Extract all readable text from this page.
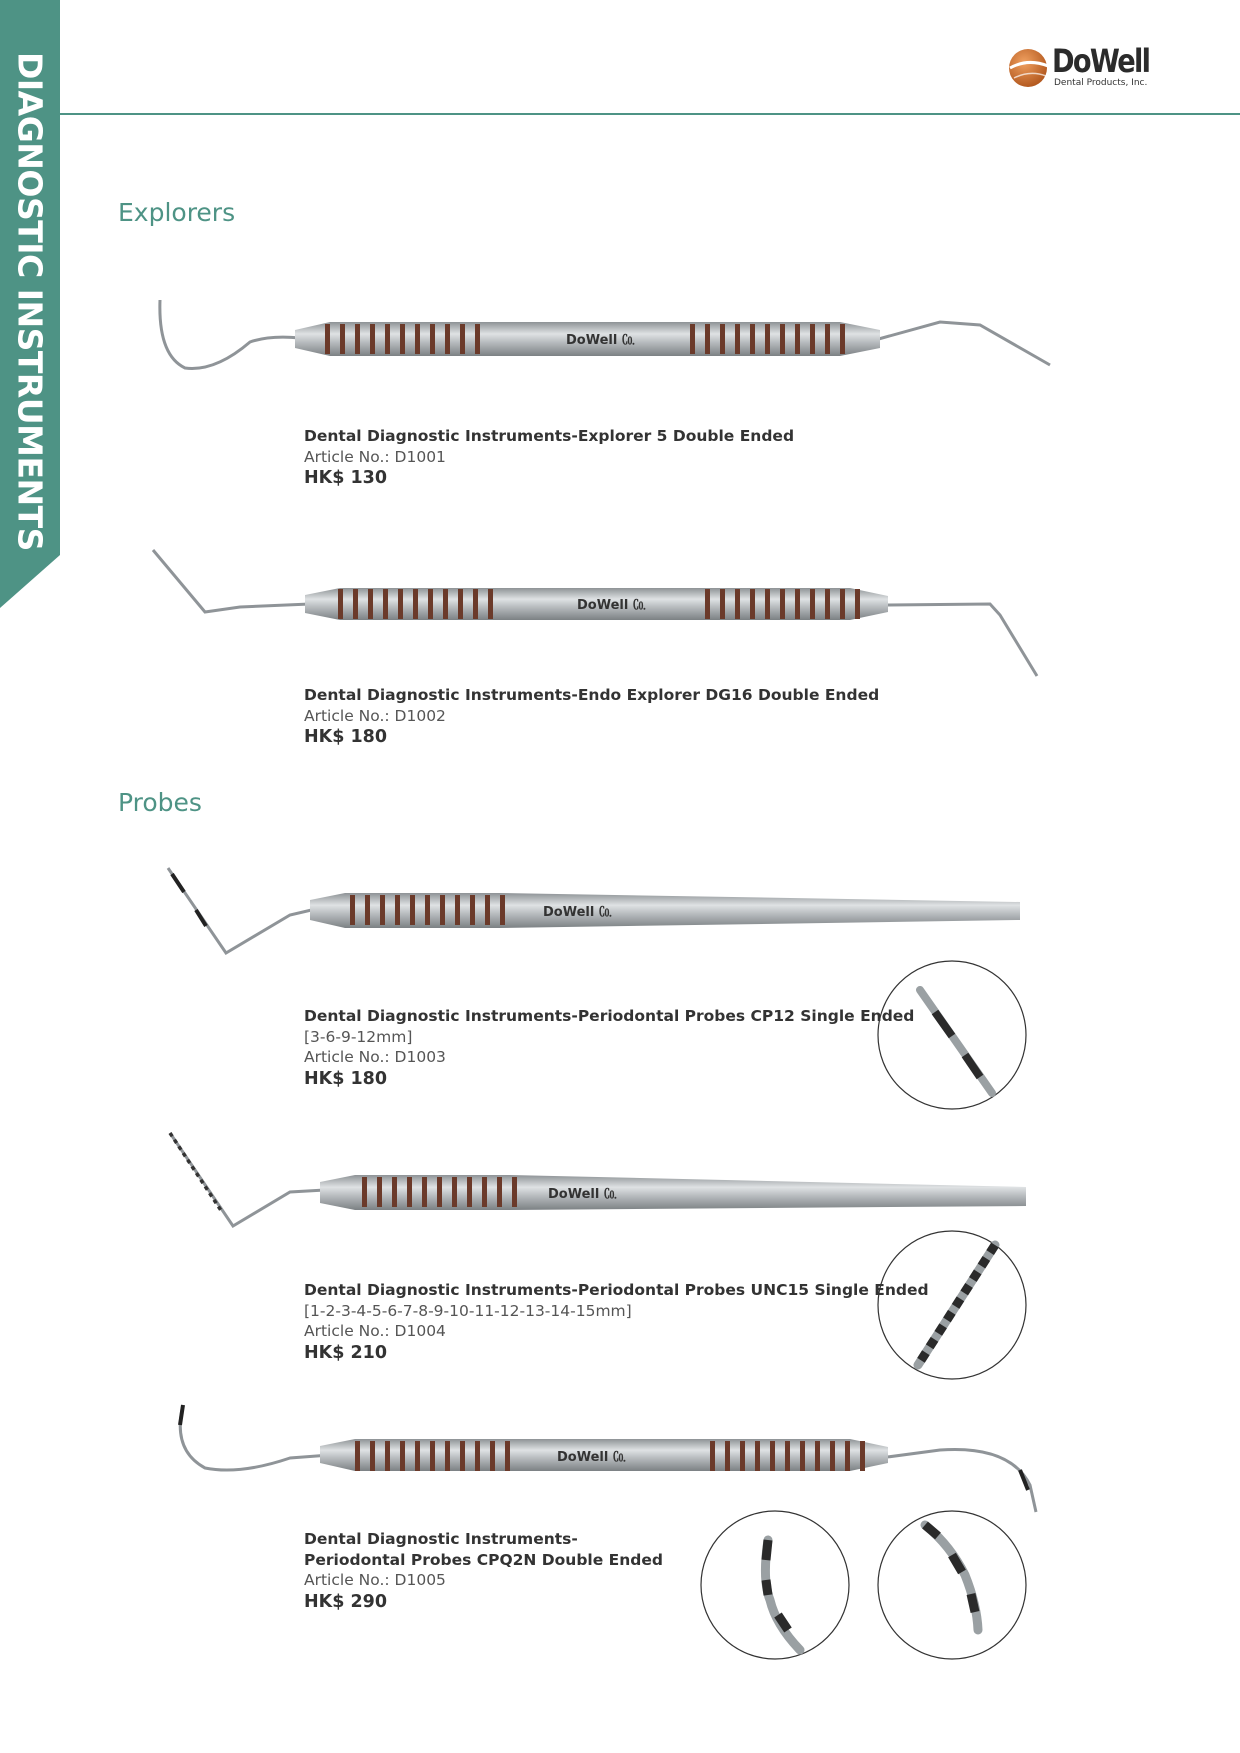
DIAGNOSTIC INSTRUMENTS	DoWell
Dental Products, Inc.
Explorers
Probes
DoWell ㏇
DoWell ㏇
DoWell ㏇
DoWell ㏇
DoWell ㏇
Dental Diagnostic Instruments-Explorer 5 Double Ended
Article No.: D1001
HK$ 130
Dental Diagnostic Instruments-Endo Explorer DG16 Double Ended
Article No.: D1002
HK$ 180
Dental Diagnostic Instruments-Periodontal Probes CP12 Single Ended
[3-6-9-12mm]
Article No.: D1003
HK$ 180
Dental Diagnostic Instruments-Periodontal Probes UNC15 Single Ended
[1-2-3-4-5-6-7-8-9-10-11-12-13-14-15mm]
Article No.: D1004
HK$ 210
Dental Diagnostic Instruments-
Periodontal Probes CPQ2N Double Ended
Article No.: D1005
HK$ 290
